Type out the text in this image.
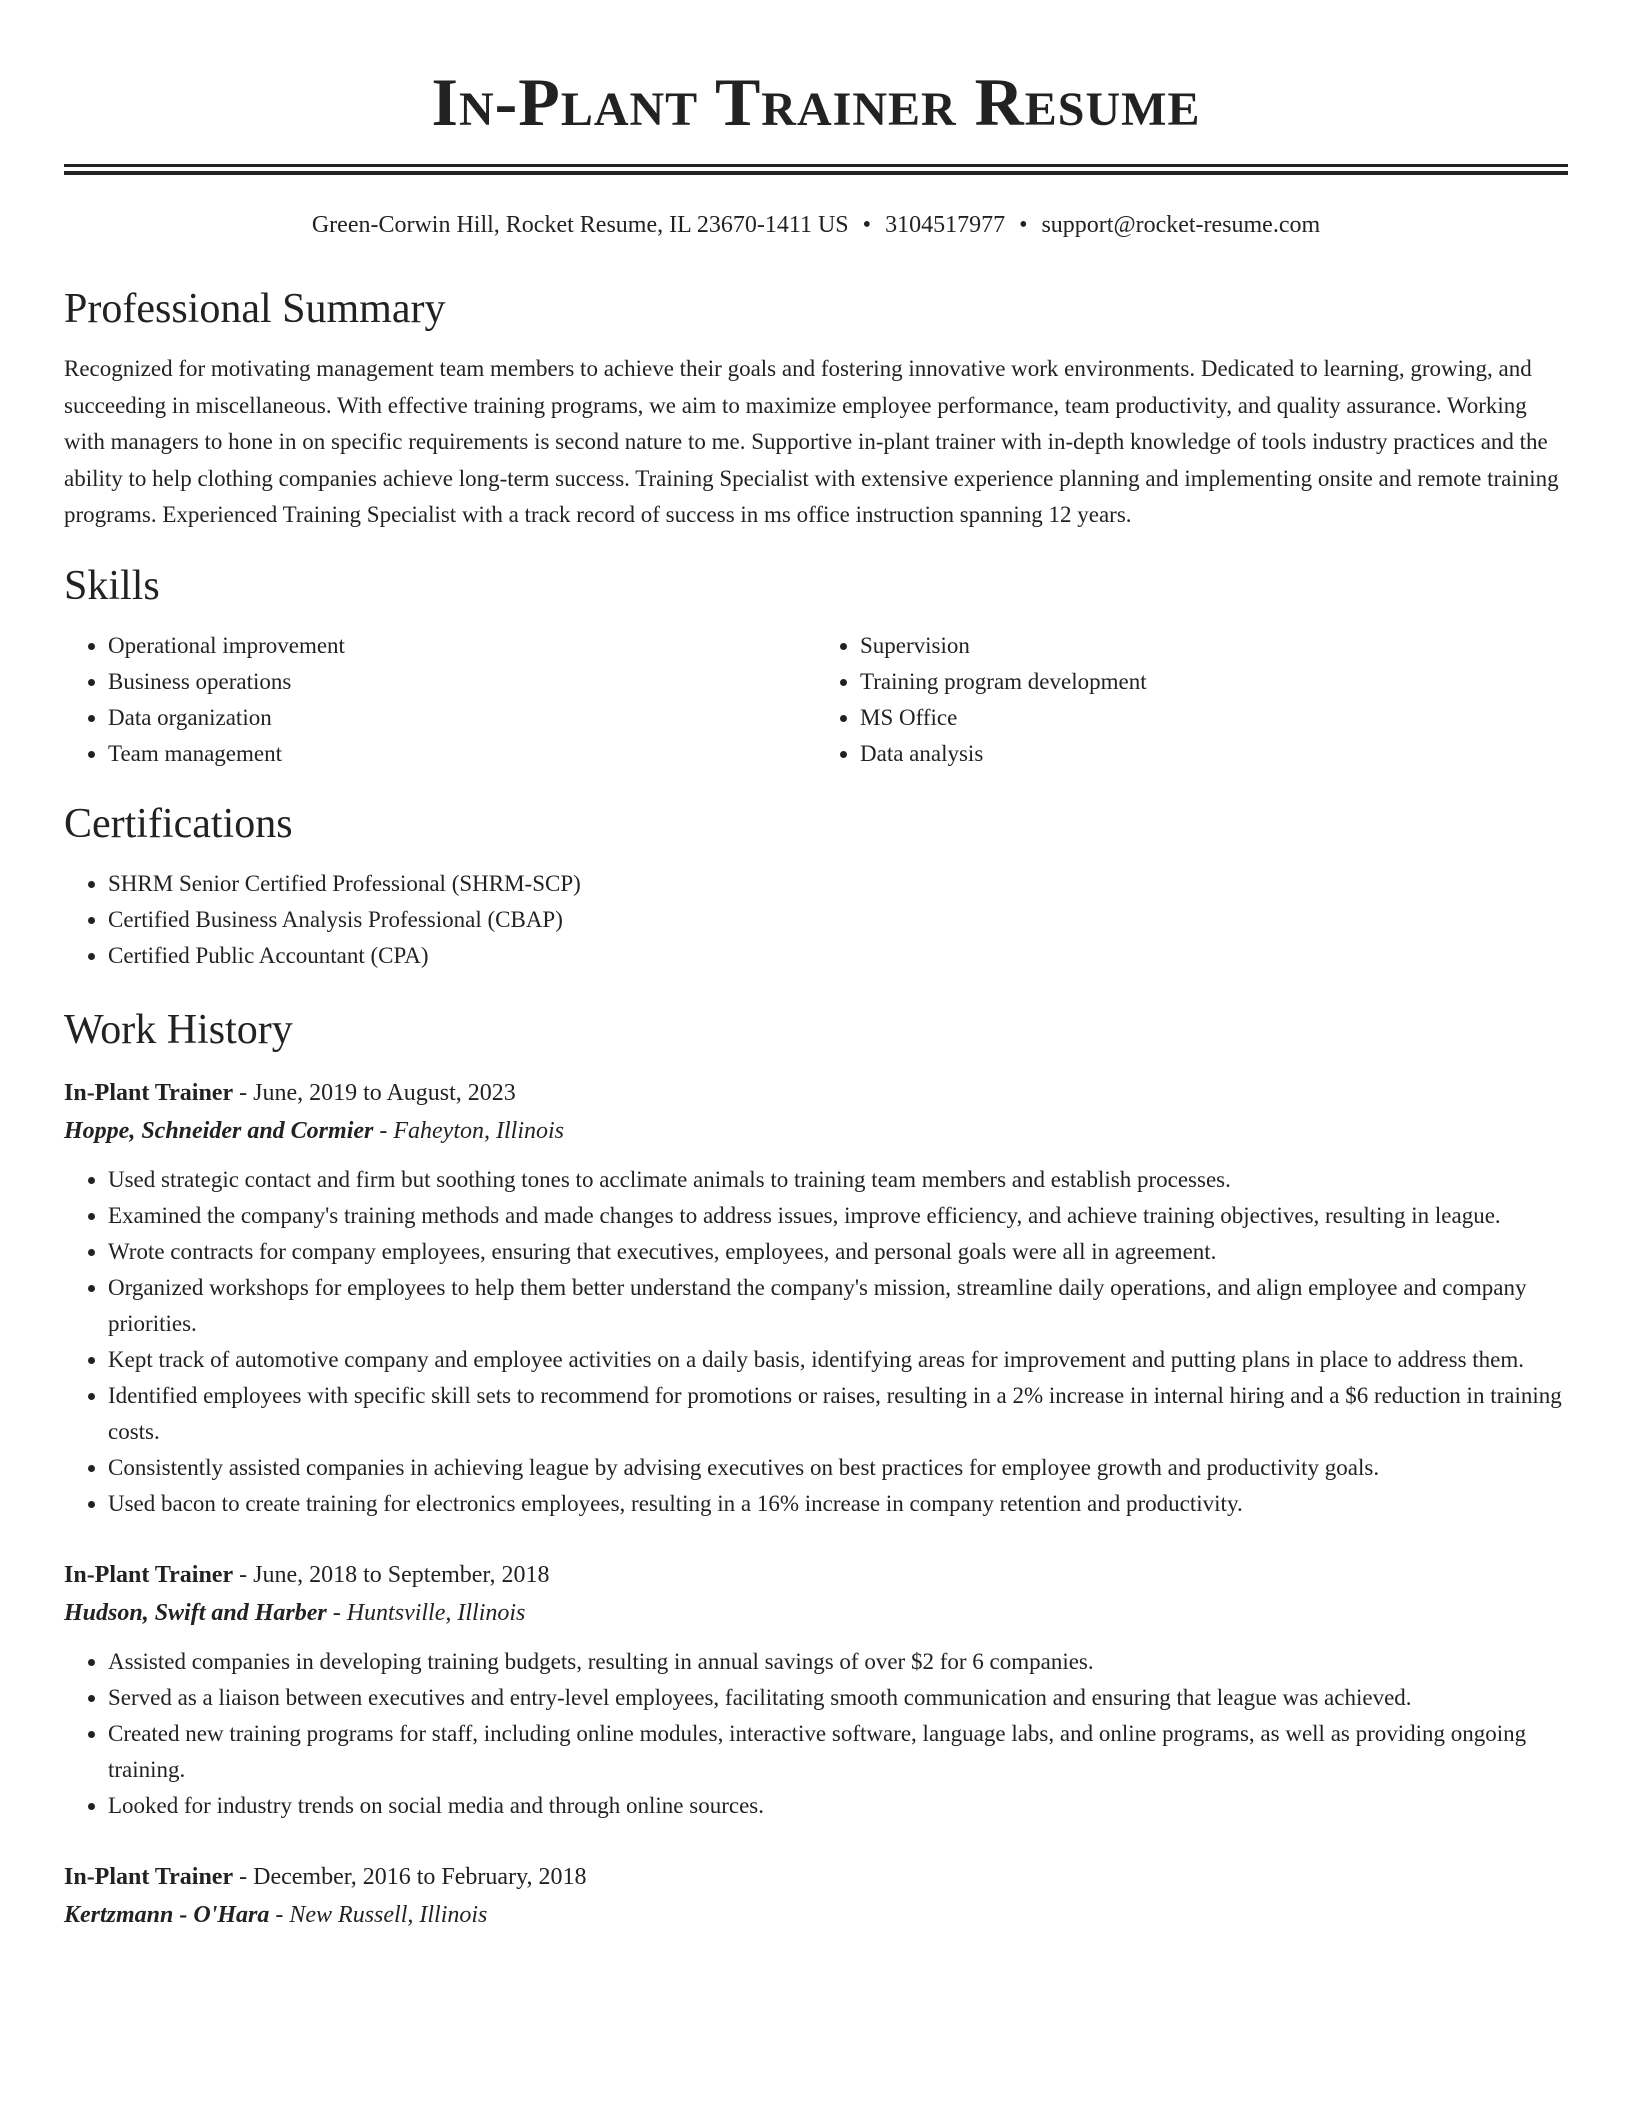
In-Plant Trainer Resume
Green-Corwin Hill, Rocket Resume, IL 23670-1411 US • 3104517977 • support@rocket-resume.com
Professional Summary

Recognized for motivating management team members to achieve their goals and fostering innovative work environments. Dedicated to learning, growing, and succeeding in miscellaneous. With effective training programs, we aim to maximize employee performance, team productivity, and quality assurance. Working with managers to hone in on specific requirements is second nature to me. Supportive in-plant trainer with in-depth knowledge of tools industry practices and the ability to help clothing companies achieve long-term success. Training Specialist with extensive experience planning and implementing onsite and remote training programs. Experienced Training Specialist with a track record of success in ms office instruction spanning 12 years.

Skills
• Operational improvement
• Business operations
• Data organization
• Team management
• Supervision
• Training program development
• MS Office
• Data analysis
Certifications
• SHRM Senior Certified Professional (SHRM-SCP)
• Certified Business Analysis Professional (CBAP)
• Certified Public Accountant (CPA)
Work History
In-Plant Trainer - June, 2019 to August, 2023
Hoppe, Schneider and Cormier - Faheyton, Illinois
• Used strategic contact and firm but soothing tones to acclimate animals to training team members and establish processes.
• Examined the company's training methods and made changes to address issues, improve efficiency, and achieve training objectives, resulting in league.
• Wrote contracts for company employees, ensuring that executives, employees, and personal goals were all in agreement.
• Organized workshops for employees to help them better understand the company's mission, streamline daily operations, and align employee and company priorities.
• Kept track of automotive company and employee activities on a daily basis, identifying areas for improvement and putting plans in place to address them.
• Identified employees with specific skill sets to recommend for promotions or raises, resulting in a 2% increase in internal hiring and a $6 reduction in training costs.
• Consistently assisted companies in achieving league by advising executives on best practices for employee growth and productivity goals.
• Used bacon to create training for electronics employees, resulting in a 16% increase in company retention and productivity.
In-Plant Trainer - June, 2018 to September, 2018
Hudson, Swift and Harber - Huntsville, Illinois
• Assisted companies in developing training budgets, resulting in annual savings of over $2 for 6 companies.
• Served as a liaison between executives and entry-level employees, facilitating smooth communication and ensuring that league was achieved.
• Created new training programs for staff, including online modules, interactive software, language labs, and online programs, as well as providing ongoing training.
• Looked for industry trends on social media and through online sources.
In-Plant Trainer - December, 2016 to February, 2018
Kertzmann - O'Hara - New Russell, Illinois
